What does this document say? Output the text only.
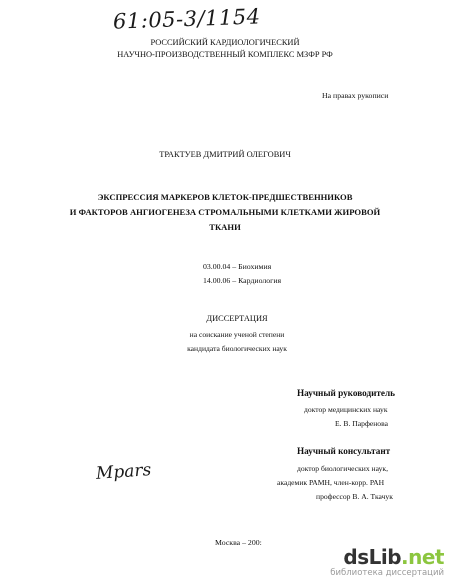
61:05-3/1154
РОССИЙСКИЙ КАРДИОЛОГИЧЕСКИЙ
НАУЧНО-ПРОИЗВОДСТВЕННЫЙ КОМПЛЕКС МЗФР РФ
На правах рукописи
ТРАКТУЕВ ДМИТРИЙ ОЛЕГОВИЧ
ЭКСПРЕССИЯ МАРКЕРОВ КЛЕТОК-ПРЕДШЕСТВЕННИКОВ
И ФАКТОРОВ АНГИОГЕНЕЗА СТРОМАЛЬНЫМИ КЛЕТКАМИ ЖИРОВОЙ
ТКАНИ
03.00.04 – Биохимия
14.00.06 – Кардиология
ДИССЕРТАЦИЯ
на соискание ученой степени
кандидата биологических наук
Научный руководитель
доктор медицинских наук
Е. В. Парфенова
Научный консультант
доктор биологических наук,
академик РАМН, член-корр. РАН
профессор В. А. Ткачук
Mpars
Москва – 200:
dsLib.net
библиотека диссертаций
